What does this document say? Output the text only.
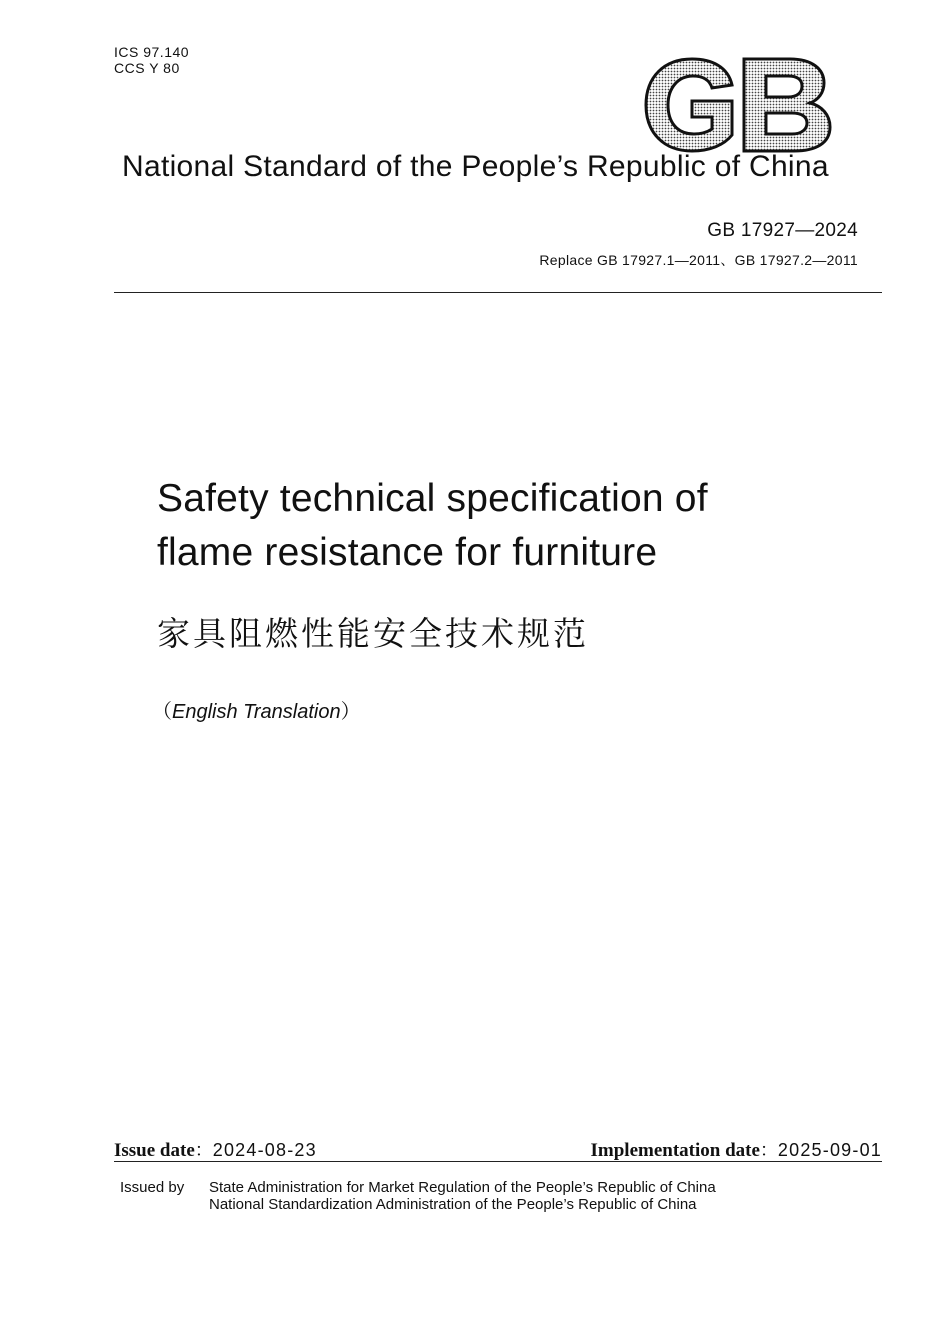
ICS 97.140
CCS Y 80
GB
National Standard of the People’s Republic of China
GB 17927—2024
Replace GB 17927.1—2011、GB 17927.2—2011
Safety technical specification of
flame resistance for furniture
家具阻燃性能安全技术规范
（English Translation）
Issue date：2024-08-23	Implementation date：2025-09-01
Issued by State Administration for Market Regulation of the People’s Republic of China
National Standardization Administration of the People’s Republic of China
